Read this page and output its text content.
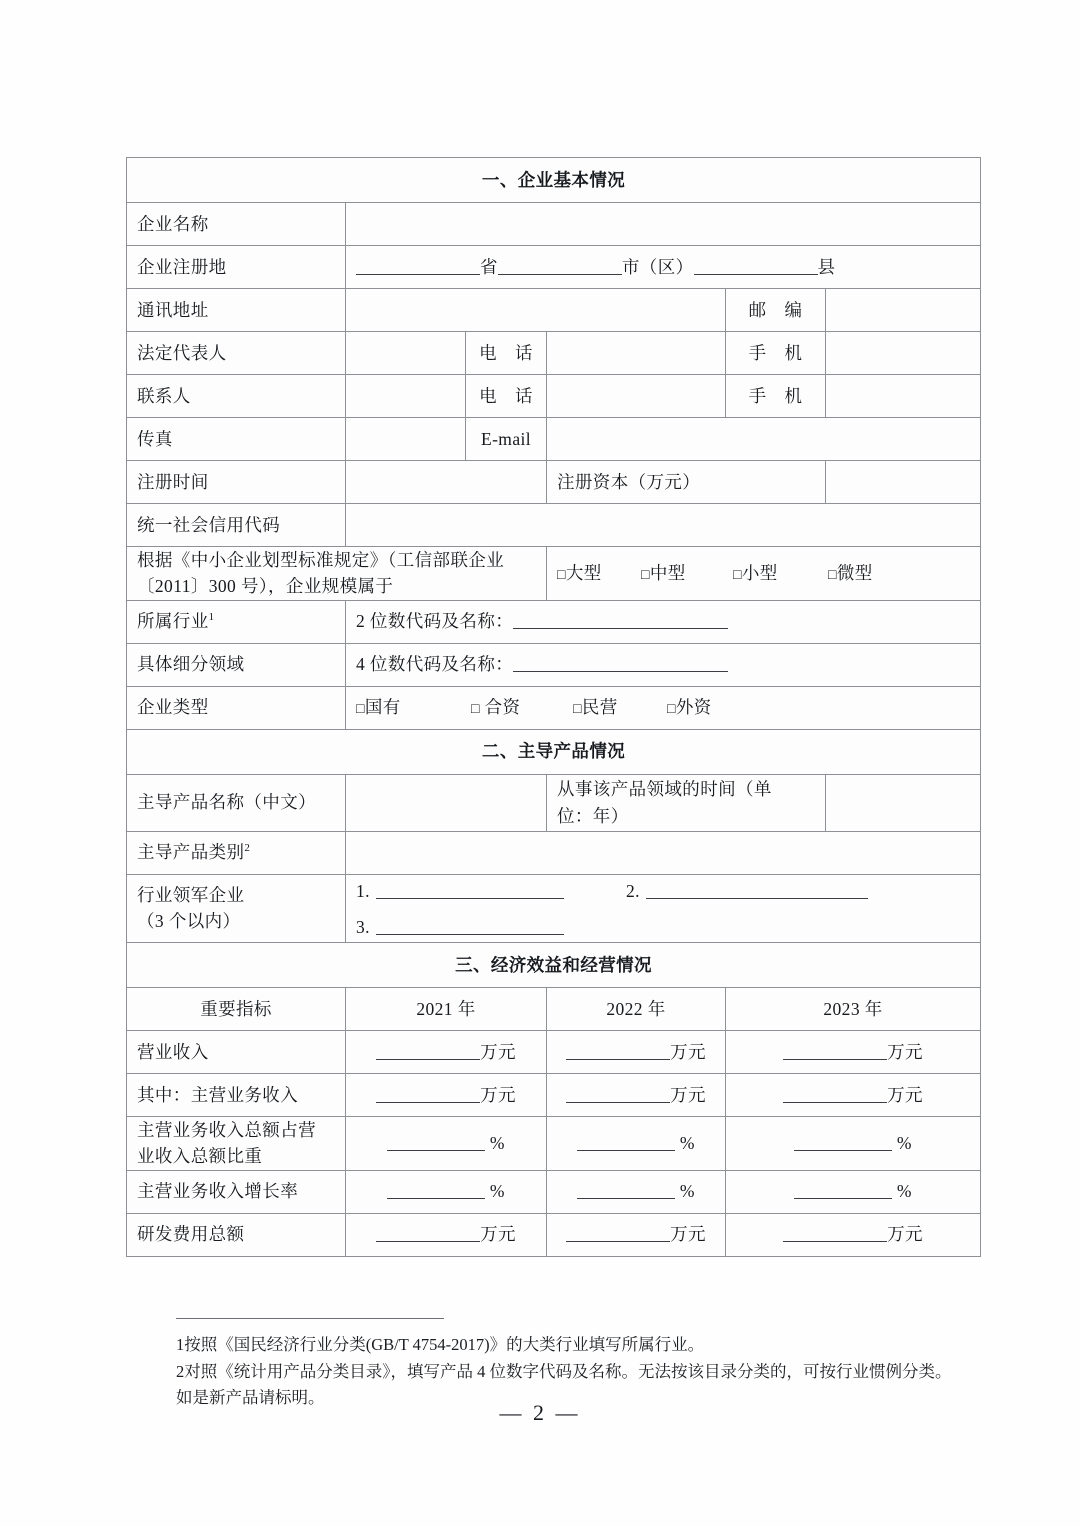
一、企业基本情况					
企业名称					
企业注册地	省 市（区） 县				
通讯地址				邮　编	
法定代表人		电　话		手　机	
联系人		电　话		手　机	
传真		E-mail			
注册时间			注册资本（万元）		
统一社会信用代码					
根据《中小企业划型标准规定》（工信部联企业
〔2011〕300 号），企业规模属于			□大型 □中型 □小型 □微型		
所属行业$^1$	2 位数代码及名称：				
具体细分领域	4 位数代码及名称：				
企业类型	□国有 □ 合资 □民营 □外资				
二、主导产品情况					
主导产品名称（中文）			从事该产品领域的时间（单
位：年）		
主导产品类别$^2$	
行业领军企业
（3 个以内）	1. 2.
3.				

三、经济效益和经营情况					
重要指标	2021 年		2022 年	2023 年	
营业收入	万元		万元	万元	
其中：主营业务收入	万元		万元	万元	
主营业务收入总额占营
业收入总额比重	%		%	%	
主营业务收入增长率	%		%	%	
研发费用总额	万元		万元	万元	
1按照《国民经济行业分类(GB/T 4754-2017)》的大类行业填写所属行业。
2对照《统计用产品分类目录》，填写产品 4 位数字代码及名称。无法按该目录分类的，可按行业惯例分类。
如是新产品请标明。
— 2 —
